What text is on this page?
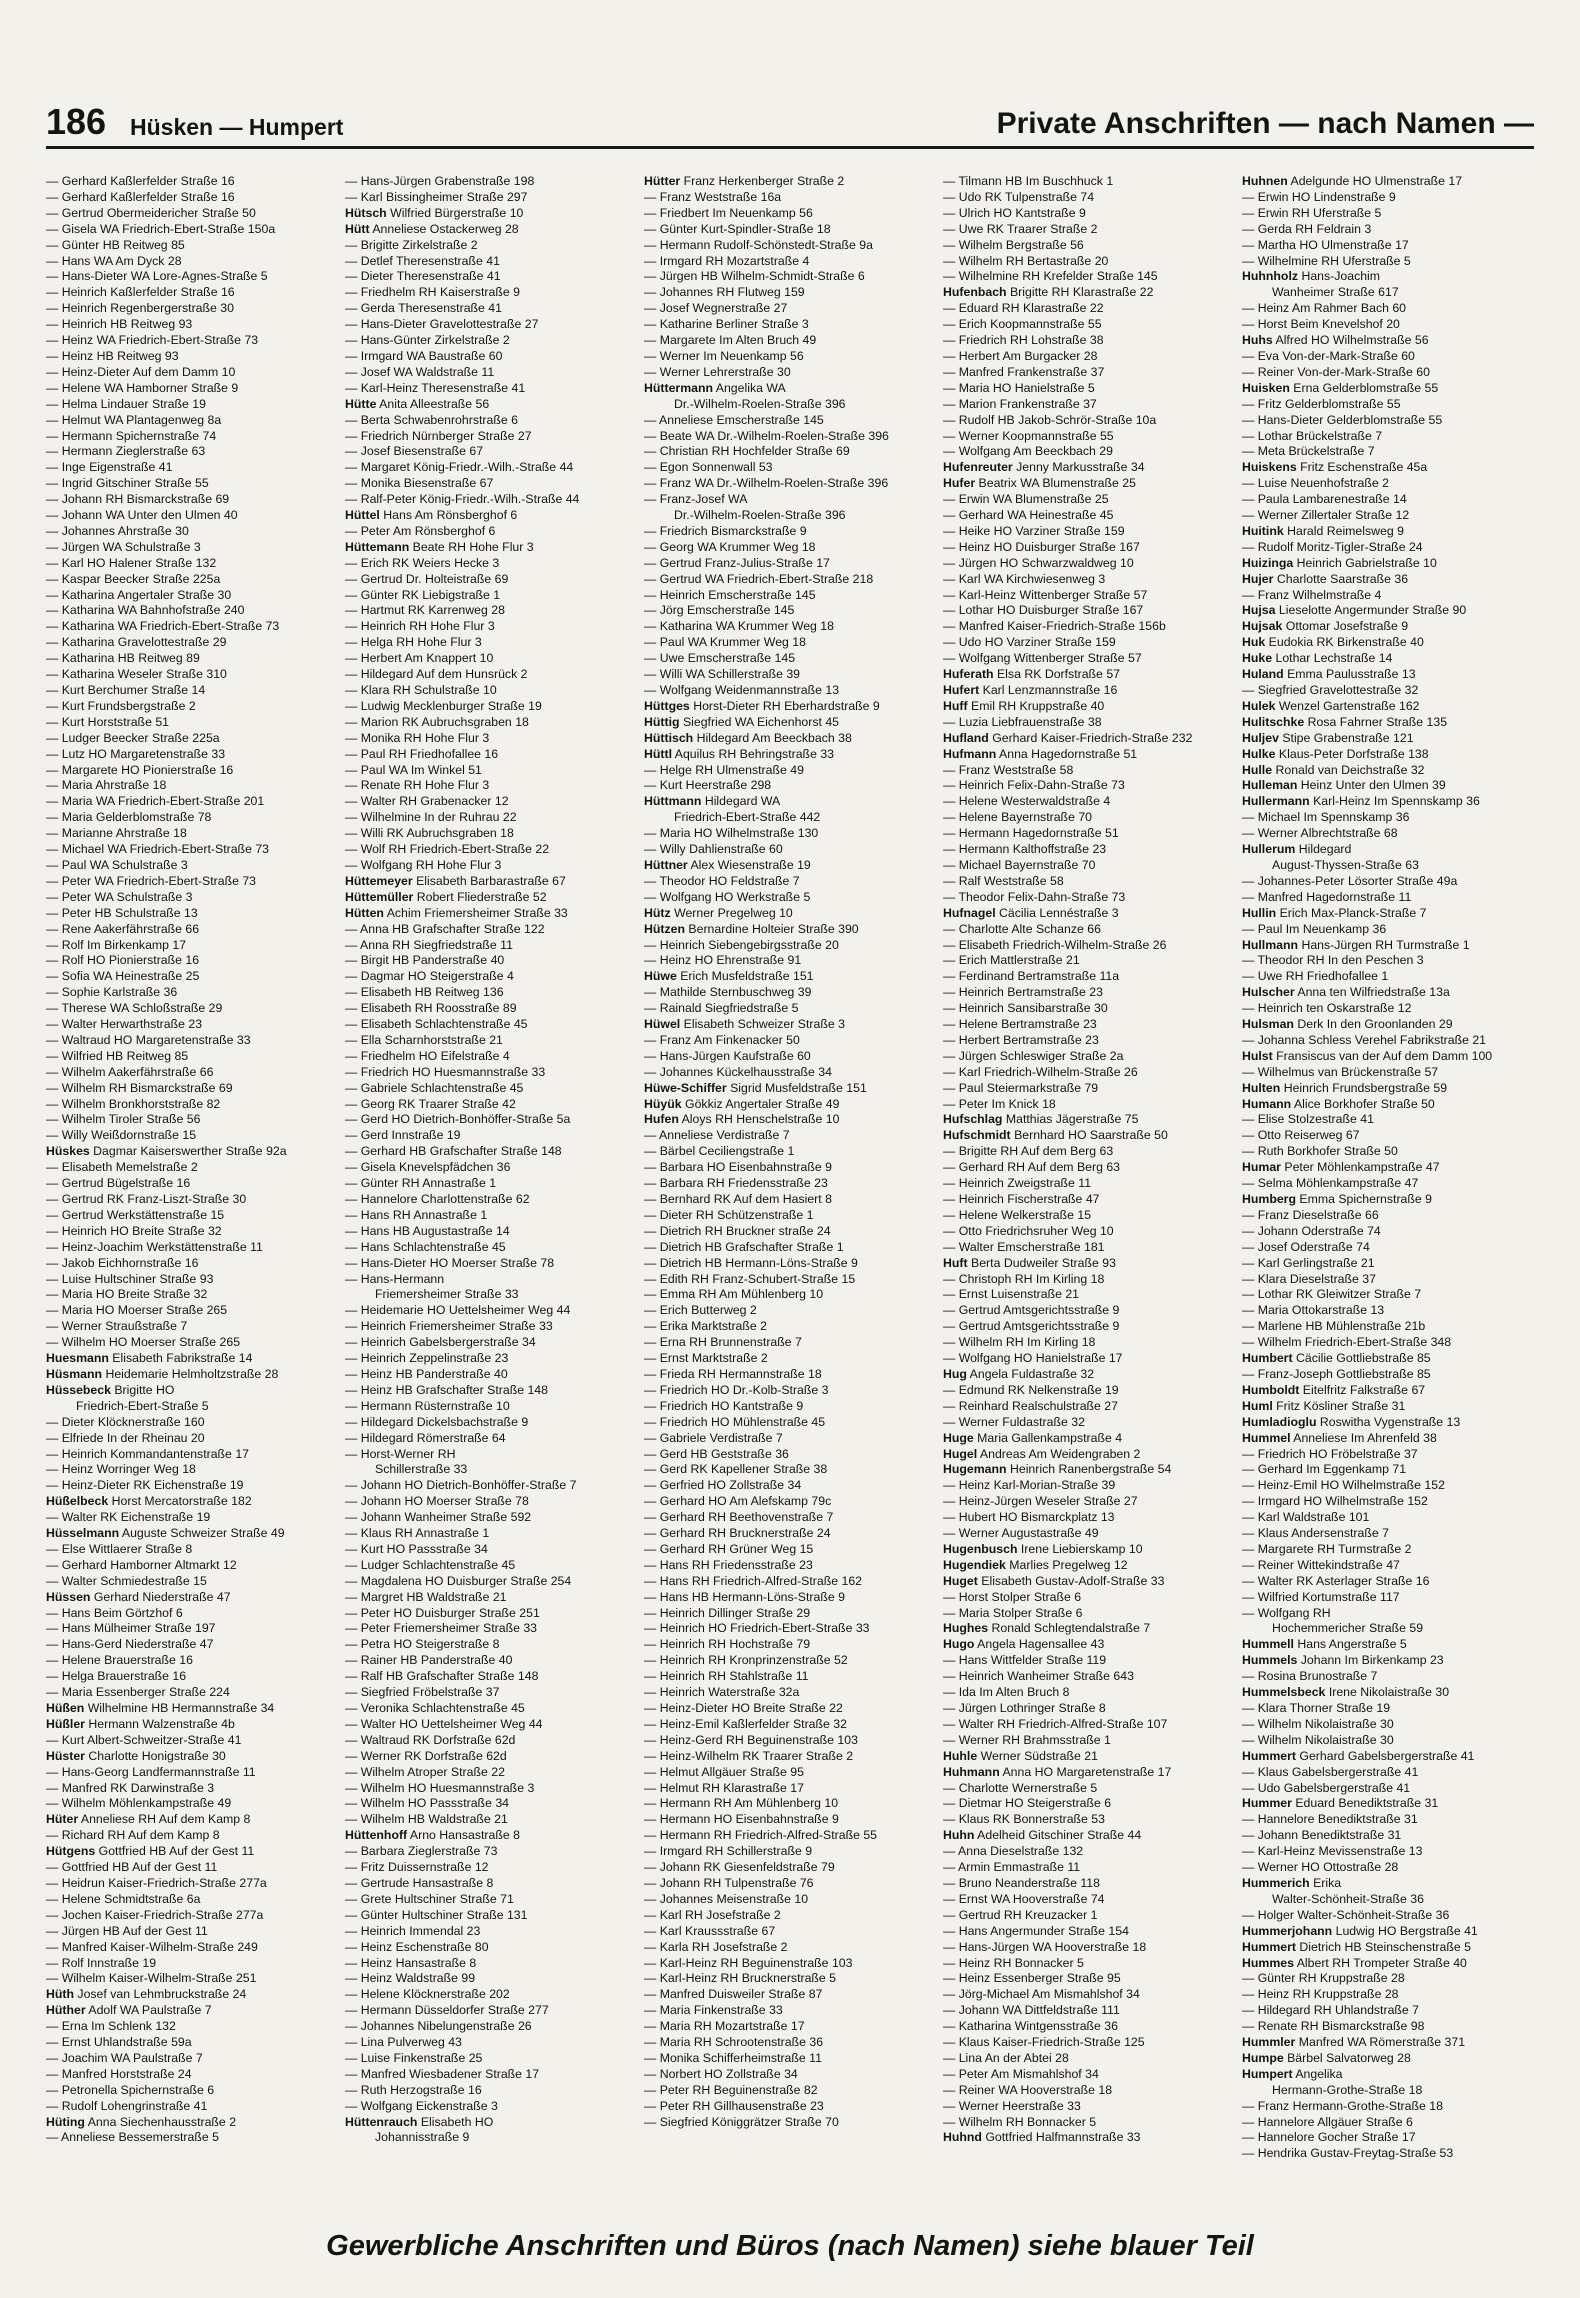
186 Hüsken — Humpert	Private Anschriften — nach Namen —
— Gerhard Kaßlerfelder Straße 16
— Gerhard Kaßlerfelder Straße 16
— Gertrud Obermeidericher Straße 50
— Gisela WA Friedrich-Ebert-Straße 150a
— Günter HB Reitweg 85
— Hans WA Am Dyck 28
— Hans-Dieter WA Lore-Agnes-Straße 5
— Heinrich Kaßlerfelder Straße 16
— Heinrich Regenbergerstraße 30
— Heinrich HB Reitweg 93
— Heinz WA Friedrich-Ebert-Straße 73
— Heinz HB Reitweg 93
— Heinz-Dieter Auf dem Damm 10
— Helene WA Hamborner Straße 9
— Helma Lindauer Straße 19
— Helmut WA Plantagenweg 8a
— Hermann Spichernstraße 74
— Hermann Zieglerstraße 63
— Inge Eigenstraße 41
— Ingrid Gitschiner Straße 55
— Johann RH Bismarckstraße 69
— Johann WA Unter den Ulmen 40
— Johannes Ahrstraße 30
— Jürgen WA Schulstraße 3
— Karl HO Halener Straße 132
— Kaspar Beecker Straße 225a
— Katharina Angertaler Straße 30
— Katharina WA Bahnhofstraße 240
— Katharina WA Friedrich-Ebert-Straße 73
— Katharina Gravelottestraße 29
— Katharina HB Reitweg 89
— Katharina Weseler Straße 310
— Kurt Berchumer Straße 14
— Kurt Frundsbergstraße 2
— Kurt Horststraße 51
— Ludger Beecker Straße 225a
— Lutz HO Margaretenstraße 33
— Margarete HO Pionierstraße 16
— Maria Ahrstraße 18
— Maria WA Friedrich-Ebert-Straße 201
— Maria Gelderblomstraße 78
— Marianne Ahrstraße 18
— Michael WA Friedrich-Ebert-Straße 73
— Paul WA Schulstraße 3
— Peter WA Friedrich-Ebert-Straße 73
— Peter WA Schulstraße 3
— Peter HB Schulstraße 13
— Rene Aakerfährstraße 66
— Rolf Im Birkenkamp 17
— Rolf HO Pionierstraße 16
— Sofia WA Heinestraße 25
— Sophie Karlstraße 36
— Therese WA Schloßstraße 29
— Walter Herwarthstraße 23
— Waltraud HO Margaretenstraße 33
— Wilfried HB Reitweg 85
— Wilhelm Aakerfährstraße 66
— Wilhelm RH Bismarckstraße 69
— Wilhelm Bronkhorststraße 82
— Wilhelm Tiroler Straße 56
— Willy Weißdornstraße 15
Hüskes Dagmar Kaiserswerther Straße 92a
— Elisabeth Memelstraße 2
— Gertrud Bügelstraße 16
— Gertrud RK Franz-Liszt-Straße 30
— Gertrud Werkstättenstraße 15
— Heinrich HO Breite Straße 32
— Heinz-Joachim Werkstättenstraße 11
— Jakob Eichhornstraße 16
— Luise Hultschiner Straße 93
— Maria HO Breite Straße 32
— Maria HO Moerser Straße 265
— Werner Straußstraße 7
— Wilhelm HO Moerser Straße 265
Huesmann Elisabeth Fabrikstraße 14
Hüsmann Heidemarie Helmholtzstraße 28
Hüssebeck Brigitte HO
Friedrich-Ebert-Straße 5
— Dieter Klöcknerstraße 160
— Elfriede In der Rheinau 20
— Heinrich Kommandantenstraße 17
— Heinz Worringer Weg 18
— Heinz-Dieter RK Eichenstraße 19
Hüßelbeck Horst Mercatorstraße 182
— Walter RK Eichenstraße 19
Hüsselmann Auguste Schweizer Straße 49
— Else Wittlaerer Straße 8
— Gerhard Hamborner Altmarkt 12
— Walter Schmiedestraße 15
Hüssen Gerhard Niederstraße 47
— Hans Beim Görtzhof 6
— Hans Mülheimer Straße 197
— Hans-Gerd Niederstraße 47
— Helene Brauerstraße 16
— Helga Brauerstraße 16
— Maria Essenberger Straße 224
Hüßen Wilhelmine HB Hermannstraße 34
Hüßler Hermann Walzenstraße 4b
— Kurt Albert-Schweitzer-Straße 41
Hüster Charlotte Honigstraße 30
— Hans-Georg Landfermannstraße 11
— Manfred RK Darwinstraße 3
— Wilhelm Möhlenkampstraße 49
Hüter Anneliese RH Auf dem Kamp 8
— Richard RH Auf dem Kamp 8
Hütgens Gottfried HB Auf der Gest 11
— Gottfried HB Auf der Gest 11
— Heidrun Kaiser-Friedrich-Straße 277a
— Helene Schmidtstraße 6a
— Jochen Kaiser-Friedrich-Straße 277a
— Jürgen HB Auf der Gest 11
— Manfred Kaiser-Wilhelm-Straße 249
— Rolf Innstraße 19
— Wilhelm Kaiser-Wilhelm-Straße 251
Hüth Josef van Lehmbruckstraße 24
Hüther Adolf WA Paulstraße 7
— Erna Im Schlenk 132
— Ernst Uhlandstraße 59a
— Joachim WA Paulstraße 7
— Manfred Horststraße 24
— Petronella Spichernstraße 6
— Rudolf Lohengrinstraße 41
Hüting Anna Siechenhausstraße 2
— Anneliese Bessemerstraße 5
— Hans-Jürgen Grabenstraße 198
— Karl Bissingheimer Straße 297
Hütsch Wilfried Bürgerstraße 10
Hütt Anneliese Ostackerweg 28
— Brigitte Zirkelstraße 2
— Detlef Theresenstraße 41
— Dieter Theresenstraße 41
— Friedhelm RH Kaiserstraße 9
— Gerda Theresenstraße 41
— Hans-Dieter Gravelottestraße 27
— Hans-Günter Zirkelstraße 2
— Irmgard WA Baustraße 60
— Josef WA Waldstraße 11
— Karl-Heinz Theresenstraße 41
Hütte Anita Alleestraße 56
— Berta Schwabenrohrstraße 6
— Friedrich Nürnberger Straße 27
— Josef Biesenstraße 67
— Margaret König-Friedr.-Wilh.-Straße 44
— Monika Biesenstraße 67
— Ralf-Peter König-Friedr.-Wilh.-Straße 44
Hüttel Hans Am Rönsberghof 6
— Peter Am Rönsberghof 6
Hüttemann Beate RH Hohe Flur 3
— Erich RK Weiers Hecke 3
— Gertrud Dr. Holteistraße 69
— Günter RK Liebigstraße 1
— Hartmut RK Karrenweg 28
— Heinrich RH Hohe Flur 3
— Helga RH Hohe Flur 3
— Herbert Am Knappert 10
— Hildegard Auf dem Hunsrück 2
— Klara RH Schulstraße 10
— Ludwig Mecklenburger Straße 19
— Marion RK Aubruchsgraben 18
— Monika RH Hohe Flur 3
— Paul RH Friedhofallee 16
— Paul WA Im Winkel 51
— Renate RH Hohe Flur 3
— Walter RH Grabenacker 12
— Wilhelmine In der Ruhrau 22
— Willi RK Aubruchsgraben 18
— Wolf RH Friedrich-Ebert-Straße 22
— Wolfgang RH Hohe Flur 3
Hüttemeyer Elisabeth Barbarastraße 67
Hüttemüller Robert Fliederstraße 52
Hütten Achim Friemersheimer Straße 33
— Anna HB Grafschafter Straße 122
— Anna RH Siegfriedstraße 11
— Birgit HB Panderstraße 40
— Dagmar HO Steigerstraße 4
— Elisabeth HB Reitweg 136
— Elisabeth RH Roosstraße 89
— Elisabeth Schlachtenstraße 45
— Ella Scharnhorststraße 21
— Friedhelm HO Eifelstraße 4
— Friedrich HO Huesmannstraße 33
— Gabriele Schlachtenstraße 45
— Georg RK Traarer Straße 42
— Gerd HO Dietrich-Bonhöffer-Straße 5a
— Gerd Innstraße 19
— Gerhard HB Grafschafter Straße 148
— Gisela Knevelspfädchen 36
— Günter RH Annastraße 1
— Hannelore Charlottenstraße 62
— Hans RH Annastraße 1
— Hans HB Augustastraße 14
— Hans Schlachtenstraße 45
— Hans-Dieter HO Moerser Straße 78
— Hans-Hermann
Friemersheimer Straße 33
— Heidemarie HO Uettelsheimer Weg 44
— Heinrich Friemersheimer Straße 33
— Heinrich Gabelsbergerstraße 34
— Heinrich Zeppelinstraße 23
— Heinz HB Panderstraße 40
— Heinz HB Grafschafter Straße 148
— Hermann Rüsternstraße 10
— Hildegard Dickelsbachstraße 9
— Hildegard Römerstraße 64
— Horst-Werner RH
Schillerstraße 33
— Johann HO Dietrich-Bonhöffer-Straße 7
— Johann HO Moerser Straße 78
— Johann Wanheimer Straße 592
— Klaus RH Annastraße 1
— Kurt HO Passstraße 34
— Ludger Schlachtenstraße 45
— Magdalena HO Duisburger Straße 254
— Margret HB Waldstraße 21
— Peter HO Duisburger Straße 251
— Peter Friemersheimer Straße 33
— Petra HO Steigerstraße 8
— Rainer HB Panderstraße 40
— Ralf HB Grafschafter Straße 148
— Siegfried Fröbelstraße 37
— Veronika Schlachtenstraße 45
— Walter HO Uettelsheimer Weg 44
— Waltraud RK Dorfstraße 62d
— Werner RK Dorfstraße 62d
— Wilhelm Atroper Straße 22
— Wilhelm HO Huesmannstraße 3
— Wilhelm HO Passstraße 34
— Wilhelm HB Waldstraße 21
Hüttenhoff Arno Hansastraße 8
— Barbara Zieglerstraße 73
— Fritz Duissernstraße 12
— Gertrude Hansastraße 8
— Grete Hultschiner Straße 71
— Günter Hultschiner Straße 131
— Heinrich Immendal 23
— Heinz Eschenstraße 80
— Heinz Hansastraße 8
— Heinz Waldstraße 99
— Helene Klöcknerstraße 202
— Hermann Düsseldorfer Straße 277
— Johannes Nibelungenstraße 26
— Lina Pulverweg 43
— Luise Finkenstraße 25
— Manfred Wiesbadener Straße 17
— Ruth Herzogstraße 16
— Wolfgang Eickenstraße 3
Hüttenrauch Elisabeth HO
Johannisstraße 9
Hütter Franz Herkenberger Straße 2
— Franz Weststraße 16a
— Friedbert Im Neuenkamp 56
— Günter Kurt-Spindler-Straße 18
— Hermann Rudolf-Schönstedt-Straße 9a
— Irmgard RH Mozartstraße 4
— Jürgen HB Wilhelm-Schmidt-Straße 6
— Johannes RH Flutweg 159
— Josef Wegnerstraße 27
— Katharine Berliner Straße 3
— Margarete Im Alten Bruch 49
— Werner Im Neuenkamp 56
— Werner Lehrerstraße 30
Hüttermann Angelika WA
Dr.-Wilhelm-Roelen-Straße 396
— Anneliese Emscherstraße 145
— Beate WA Dr.-Wilhelm-Roelen-Straße 396
— Christian RH Hochfelder Straße 69
— Egon Sonnenwall 53
— Franz WA Dr.-Wilhelm-Roelen-Straße 396
— Franz-Josef WA
Dr.-Wilhelm-Roelen-Straße 396
— Friedrich Bismarckstraße 9
— Georg WA Krummer Weg 18
— Gertrud Franz-Julius-Straße 17
— Gertrud WA Friedrich-Ebert-Straße 218
— Heinrich Emscherstraße 145
— Jörg Emscherstraße 145
— Katharina WA Krummer Weg 18
— Paul WA Krummer Weg 18
— Uwe Emscherstraße 145
— Willi WA Schillerstraße 39
— Wolfgang Weidenmannstraße 13
Hüttges Horst-Dieter RH Eberhardstraße 9
Hüttig Siegfried WA Eichenhorst 45
Hüttisch Hildegard Am Beeckbach 38
Hüttl Aquilus RH Behringstraße 33
— Helge RH Ulmenstraße 49
— Kurt Heerstraße 298
Hüttmann Hildegard WA
Friedrich-Ebert-Straße 442
— Maria HO Wilhelmstraße 130
— Willy Dahlienstraße 60
Hüttner Alex Wiesenstraße 19
— Theodor HO Feldstraße 7
— Wolfgang HO Werkstraße 5
Hütz Werner Pregelweg 10
Hützen Bernardine Holteier Straße 390
— Heinrich Siebengebirgsstraße 20
— Heinz HO Ehrenstraße 91
Hüwe Erich Musfeldstraße 151
— Mathilde Sternbuschweg 39
— Rainald Siegfriedstraße 5
Hüwel Elisabeth Schweizer Straße 3
— Franz Am Finkenacker 50
— Hans-Jürgen Kaufstraße 60
— Johannes Kückelhausstraße 34
Hüwe-Schiffer Sigrid Musfeldstraße 151
Hüyük Gökkiz Angertaler Straße 49
Hufen Aloys RH Henschelstraße 10
— Anneliese Verdistraße 7
— Bärbel Ceciliengstraße 1
— Barbara HO Eisenbahnstraße 9
— Barbara RH Friedensstraße 23
— Bernhard RK Auf dem Hasiert 8
— Dieter RH Schützenstraße 1
— Dietrich RH Bruckner straße 24
— Dietrich HB Grafschafter Straße 1
— Dietrich HB Hermann-Löns-Straße 9
— Edith RH Franz-Schubert-Straße 15
— Emma RH Am Mühlenberg 10
— Erich Butterweg 2
— Erika Marktstraße 2
— Erna RH Brunnenstraße 7
— Ernst Marktstraße 2
— Frieda RH Hermannstraße 18
— Friedrich HO Dr.-Kolb-Straße 3
— Friedrich HO Kantstraße 9
— Friedrich HO Mühlenstraße 45
— Gabriele Verdistraße 7
— Gerd HB Geststraße 36
— Gerd RK Kapellener Straße 38
— Gerfried HO Zollstraße 34
— Gerhard HO Am Alefskamp 79c
— Gerhard RH Beethovenstraße 7
— Gerhard RH Brucknerstraße 24
— Gerhard RH Grüner Weg 15
— Hans RH Friedensstraße 23
— Hans RH Friedrich-Alfred-Straße 162
— Hans HB Hermann-Löns-Straße 9
— Heinrich Dillinger Straße 29
— Heinrich HO Friedrich-Ebert-Straße 33
— Heinrich RH Hochstraße 79
— Heinrich RH Kronprinzenstraße 52
— Heinrich RH Stahlstraße 11
— Heinrich Waterstraße 32a
— Heinz-Dieter HO Breite Straße 22
— Heinz-Emil Kaßlerfelder Straße 32
— Heinz-Gerd RH Beguinenstraße 103
— Heinz-Wilhelm RK Traarer Straße 2
— Helmut Allgäuer Straße 95
— Helmut RH Klarastraße 17
— Hermann RH Am Mühlenberg 10
— Hermann HO Eisenbahnstraße 9
— Hermann RH Friedrich-Alfred-Straße 55
— Irmgard RH Schillerstraße 9
— Johann RK Giesenfeldstraße 79
— Johann RH Tulpenstraße 76
— Johannes Meisenstraße 10
— Karl RH Josefstraße 2
— Karl Kraussstraße 67
— Karla RH Josefstraße 2
— Karl-Heinz RH Beguinenstraße 103
— Karl-Heinz RH Brucknerstraße 5
— Manfred Duisweiler Straße 87
— Maria Finkenstraße 33
— Maria RH Mozartstraße 17
— Maria RH Schrootenstraße 36
— Monika Schifferheimstraße 11
— Norbert HO Zollstraße 34
— Peter RH Beguinenstraße 82
— Peter RH Gillhausenstraße 23
— Siegfried Königgrätzer Straße 70
— Tilmann HB Im Buschhuck 1
— Udo RK Tulpenstraße 74
— Ulrich HO Kantstraße 9
— Uwe RK Traarer Straße 2
— Wilhelm Bergstraße 56
— Wilhelm RH Bertastraße 20
— Wilhelmine RH Krefelder Straße 145
Hufenbach Brigitte RH Klarastraße 22
— Eduard RH Klarastraße 22
— Erich Koopmannstraße 55
— Friedrich RH Lohstraße 38
— Herbert Am Burgacker 28
— Manfred Frankenstraße 37
— Maria HO Hanielstraße 5
— Marion Frankenstraße 37
— Rudolf HB Jakob-Schrör-Straße 10a
— Werner Koopmannstraße 55
— Wolfgang Am Beeckbach 29
Hufenreuter Jenny Markusstraße 34
Hufer Beatrix WA Blumenstraße 25
— Erwin WA Blumenstraße 25
— Gerhard WA Heinestraße 45
— Heike HO Varziner Straße 159
— Heinz HO Duisburger Straße 167
— Jürgen HO Schwarzwaldweg 10
— Karl WA Kirchwiesenweg 3
— Karl-Heinz Wittenberger Straße 57
— Lothar HO Duisburger Straße 167
— Manfred Kaiser-Friedrich-Straße 156b
— Udo HO Varziner Straße 159
— Wolfgang Wittenberger Straße 57
Huferath Elsa RK Dorfstraße 57
Hufert Karl Lenzmannstraße 16
Huff Emil RH Kruppstraße 40
— Luzia Liebfrauenstraße 38
Hufland Gerhard Kaiser-Friedrich-Straße 232
Hufmann Anna Hagedornstraße 51
— Franz Weststraße 58
— Heinrich Felix-Dahn-Straße 73
— Helene Westerwaldstraße 4
— Helene Bayernstraße 70
— Hermann Hagedornstraße 51
— Hermann Kalthoffstraße 23
— Michael Bayernstraße 70
— Ralf Weststraße 58
— Theodor Felix-Dahn-Straße 73
Hufnagel Cäcilia Lennéstraße 3
— Charlotte Alte Schanze 66
— Elisabeth Friedrich-Wilhelm-Straße 26
— Erich Mattlerstraße 21
— Ferdinand Bertramstraße 11a
— Heinrich Bertramstraße 23
— Heinrich Sansibarstraße 30
— Helene Bertramstraße 23
— Herbert Bertramstraße 23
— Jürgen Schleswiger Straße 2a
— Karl Friedrich-Wilhelm-Straße 26
— Paul Steiermarkstraße 79
— Peter Im Knick 18
Hufschlag Matthias Jägerstraße 75
Hufschmidt Bernhard HO Saarstraße 50
— Brigitte RH Auf dem Berg 63
— Gerhard RH Auf dem Berg 63
— Heinrich Zweigstraße 11
— Heinrich Fischerstraße 47
— Helene Welkerstraße 15
— Otto Friedrichsruher Weg 10
— Walter Emscherstraße 181
Huft Berta Dudweiler Straße 93
— Christoph RH Im Kirling 18
— Ernst Luisenstraße 21
— Gertrud Amtsgerichtsstraße 9
— Gertrud Amtsgerichtsstraße 9
— Wilhelm RH Im Kirling 18
— Wolfgang HO Hanielstraße 17
Hug Angela Fuldastraße 32
— Edmund RK Nelkenstraße 19
— Reinhard Realschulstraße 27
— Werner Fuldastraße 32
Huge Maria Gallenkampstraße 4
Hugel Andreas Am Weidengraben 2
Hugemann Heinrich Ranenbergstraße 54
— Heinz Karl-Morian-Straße 39
— Heinz-Jürgen Weseler Straße 27
— Hubert HO Bismarckplatz 13
— Werner Augustastraße 49
Hugenbusch Irene Liebierskamp 10
Hugendiek Marlies Pregelweg 12
Huget Elisabeth Gustav-Adolf-Straße 33
— Horst Stolper Straße 6
— Maria Stolper Straße 6
Hughes Ronald Schlegtendalstraße 7
Hugo Angela Hagensallee 43
— Hans Wittfelder Straße 119
— Heinrich Wanheimer Straße 643
— Ida Im Alten Bruch 8
— Jürgen Lothringer Straße 8
— Walter RH Friedrich-Alfred-Straße 107
— Werner RH Brahmsstraße 1
Huhle Werner Südstraße 21
Huhmann Anna HO Margaretenstraße 17
— Charlotte Wernerstraße 5
— Dietmar HO Steigerstraße 6
— Klaus RK Bonnerstraße 53
Huhn Adelheid Gitschiner Straße 44
— Anna Dieselstraße 132
— Armin Emmastraße 11
— Bruno Neanderstraße 118
— Ernst WA Hooverstraße 74
— Gertrud RH Kreuzacker 1
— Hans Angermunder Straße 154
— Hans-Jürgen WA Hooverstraße 18
— Heinz RH Bonnacker 5
— Heinz Essenberger Straße 95
— Jörg-Michael Am Mismahlshof 34
— Johann WA Dittfeldstraße 111
— Katharina Wintgensstraße 36
— Klaus Kaiser-Friedrich-Straße 125
— Lina An der Abtei 28
— Peter Am Mismahlshof 34
— Reiner WA Hooverstraße 18
— Werner Heerstraße 33
— Wilhelm RH Bonnacker 5
Huhnd Gottfried Halfmannstraße 33
Huhnen Adelgunde HO Ulmenstraße 17
— Erwin HO Lindenstraße 9
— Erwin RH Uferstraße 5
— Gerda RH Feldrain 3
— Martha HO Ulmenstraße 17
— Wilhelmine RH Uferstraße 5
Huhnholz Hans-Joachim
Wanheimer Straße 617
— Heinz Am Rahmer Bach 60
— Horst Beim Knevelshof 20
Huhs Alfred HO Wilhelmstraße 56
— Eva Von-der-Mark-Straße 60
— Reiner Von-der-Mark-Straße 60
Huisken Erna Gelderblomstraße 55
— Fritz Gelderblomstraße 55
— Hans-Dieter Gelderblomstraße 55
— Lothar Brückelstraße 7
— Meta Brückelstraße 7
Huiskens Fritz Eschenstraße 45a
— Luise Neuenhofstraße 2
— Paula Lambarenestraße 14
— Werner Zillertaler Straße 12
Huitink Harald Reimelsweg 9
— Rudolf Moritz-Tigler-Straße 24
Huizinga Heinrich Gabrielstraße 10
Hujer Charlotte Saarstraße 36
— Franz Wilhelmstraße 4
Hujsa Lieselotte Angermunder Straße 90
Hujsak Ottomar Josefstraße 9
Huk Eudokia RK Birkenstraße 40
Huke Lothar Lechstraße 14
Huland Emma Paulusstraße 13
— Siegfried Gravelottestraße 32
Hulek Wenzel Gartenstraße 162
Hulitschke Rosa Fahrner Straße 135
Huljev Stipe Grabenstraße 121
Hulke Klaus-Peter Dorfstraße 138
Hulle Ronald van Deichstraße 32
Hulleman Heinz Unter den Ulmen 39
Hullermann Karl-Heinz Im Spennskamp 36
— Michael Im Spennskamp 36
— Werner Albrechtstraße 68
Hullerum Hildegard
August-Thyssen-Straße 63
— Johannes-Peter Lösorter Straße 49a
— Manfred Hagedornstraße 11
Hullin Erich Max-Planck-Straße 7
— Paul Im Neuenkamp 36
Hullmann Hans-Jürgen RH Turmstraße 1
— Theodor RH In den Peschen 3
— Uwe RH Friedhofallee 1
Hulscher Anna ten Wilfriedstraße 13a
— Heinrich ten Oskarstraße 12
Hulsman Derk In den Groonlanden 29
— Johanna Schless Verehel Fabrikstraße 21
Hulst Fransiscus van der Auf dem Damm 100
— Wilhelmus van Brückenstraße 57
Hulten Heinrich Frundsbergstraße 59
Humann Alice Borkhofer Straße 50
— Elise Stolzestraße 41
— Otto Reiserweg 67
— Ruth Borkhofer Straße 50
Humar Peter Möhlenkampstraße 47
— Selma Möhlenkampstraße 47
Humberg Emma Spichernstraße 9
— Franz Dieselstraße 66
— Johann Oderstraße 74
— Josef Oderstraße 74
— Karl Gerlingstraße 21
— Klara Dieselstraße 37
— Lothar RK Gleiwitzer Straße 7
— Maria Ottokarstraße 13
— Marlene HB Mühlenstraße 21b
— Wilhelm Friedrich-Ebert-Straße 348
Humbert Cäcilie Gottliebstraße 85
— Franz-Joseph Gottliebstraße 85
Humboldt Eitelfritz Falkstraße 67
Huml Fritz Kösliner Straße 31
Humladioglu Roswitha Vygenstraße 13
Hummel Anneliese Im Ahrenfeld 38
— Friedrich HO Fröbelstraße 37
— Gerhard Im Eggenkamp 71
— Heinz-Emil HO Wilhelmstraße 152
— Irmgard HO Wilhelmstraße 152
— Karl Waldstraße 101
— Klaus Andersenstraße 7
— Margarete RH Turmstraße 2
— Reiner Wittekindstraße 47
— Walter RK Asterlager Straße 16
— Wilfried Kortumstraße 117
— Wolfgang RH
Hochemmericher Straße 59
Hummell Hans Angerstraße 5
Hummels Johann Im Birkenkamp 23
— Rosina Brunostraße 7
Hummelsbeck Irene Nikolaistraße 30
— Klara Thorner Straße 19
— Wilhelm Nikolaistraße 30
— Wilhelm Nikolaistraße 30
Hummert Gerhard Gabelsbergerstraße 41
— Klaus Gabelsbergerstraße 41
— Udo Gabelsbergerstraße 41
Hummer Eduard Benediktstraße 31
— Hannelore Benediktstraße 31
— Johann Benediktstraße 31
— Karl-Heinz Mevissenstraße 13
— Werner HO Ottostraße 28
Hummerich Erika
Walter-Schönheit-Straße 36
— Holger Walter-Schönheit-Straße 36
Hummerjohann Ludwig HO Bergstraße 41
Hummert Dietrich HB Steinschenstraße 5
Hummes Albert RH Trompeter Straße 40
— Günter RH Kruppstraße 28
— Heinz RH Kruppstraße 28
— Hildegard RH Uhlandstraße 7
— Renate RH Bismarckstraße 98
Hummler Manfred WA Römerstraße 371
Humpe Bärbel Salvatorweg 28
Humpert Angelika
Hermann-Grothe-Straße 18
— Franz Hermann-Grothe-Straße 18
— Hannelore Allgäuer Straße 6
— Hannelore Gocher Straße 17
— Hendrika Gustav-Freytag-Straße 53
Gewerbliche Anschriften und Büros (nach Namen) siehe blauer Teil
